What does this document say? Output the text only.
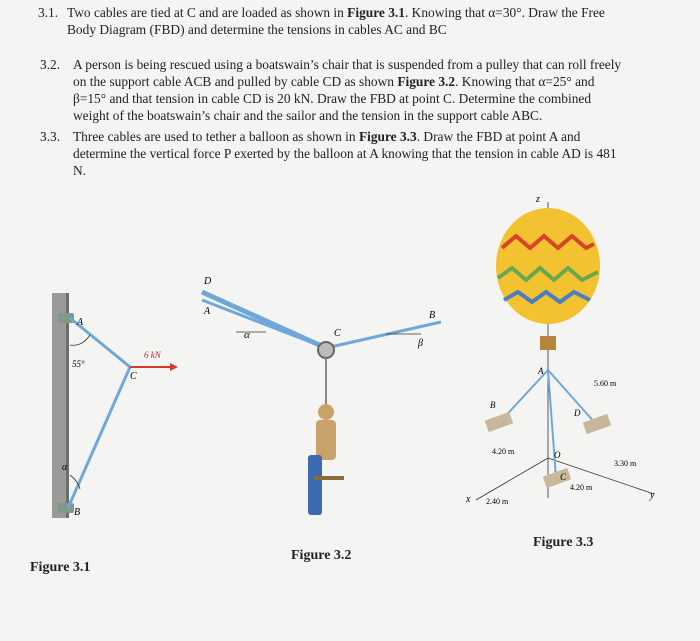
3.1. Two cables are tied at C and are loaded as shown in Figure 3.1. Knowing that α=30°. Draw the Free
Body Diagram (FBD) and determine the tensions in cables AC and BC
3.2. A person is being rescued using a boatswain’s chair that is suspended from a pulley that can roll freely
on the support cable ACB and pulled by cable CD as shown Figure 3.2. Knowing that α=25° and
β=15° and that tension in cable CD is 20 kN. Draw the FBD at point C. Determine the combined
weight of the boatswain’s chair and the sailor and the tension in the support cable ABC.
3.3. Three cables are used to tether a balloon as shown in Figure 3.3. Draw the FBD at point A and
determine the vertical force P exerted by the balloon at A knowing that the tension in cable AD is 481
N.
A
55°
C
6 kN
α
B
Figure 3.1
D
A
α	C
B
β
Figure 3.2
z
A
B
D
O
C
x	y
5.60 m
4.20 m
3.30 m
2.40 m
4.20 m
Figure 3.3
